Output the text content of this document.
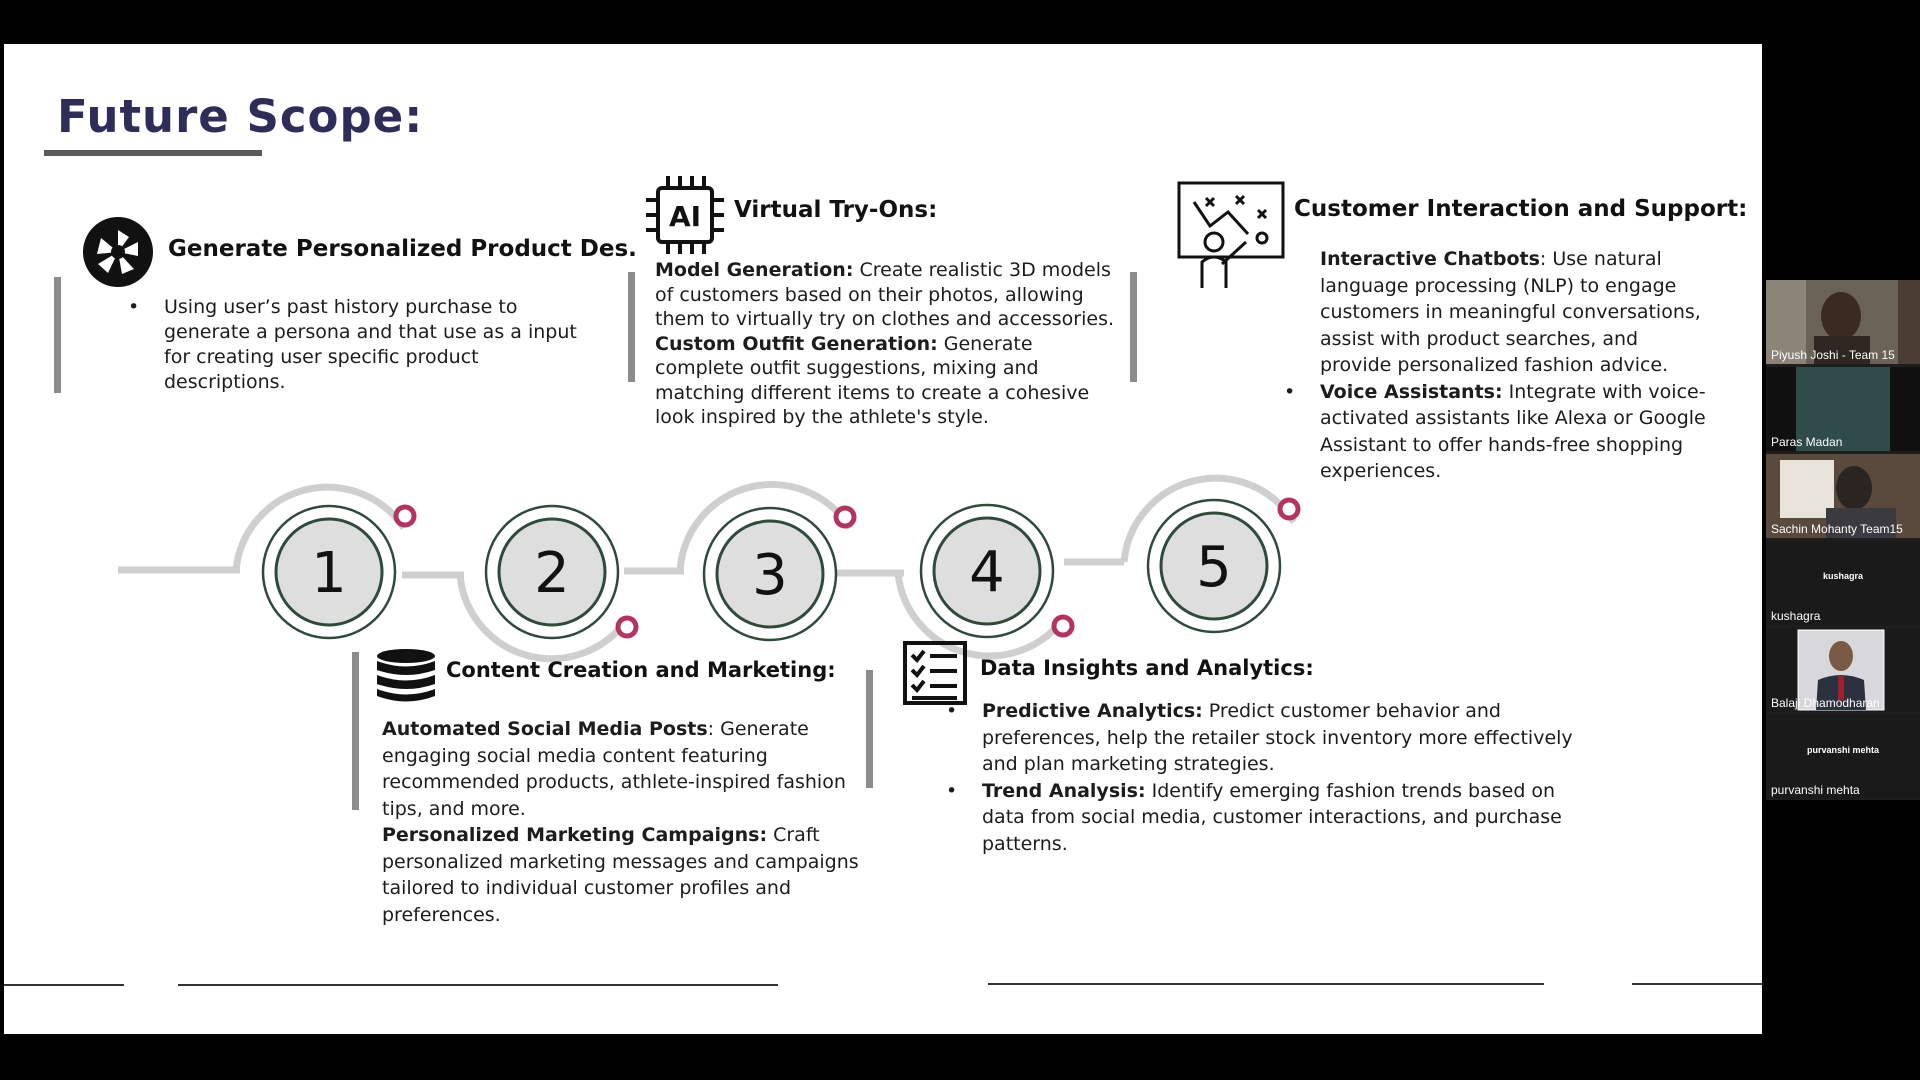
Future Scope:
Generate Personalized Product Des.
• Using user’s past history purchase to generate a persona and that use as a input for creating user specific product descriptions.
AI Virtual Try-Ons:
Model Generation: Create realistic 3D models of customers based on their photos, allowing them to virtually try on clothes and accessories.
Custom Outfit Generation: Generate complete outfit suggestions, mixing and matching different items to create a cohesive look inspired by the athlete's style.
Customer Interaction and Support:
Interactive Chatbots: Use natural language processing (NLP) to engage customers in meaningful conversations, assist with product searches, and provide personalized fashion advice.
• Voice Assistants: Integrate with voice-activated assistants like Alexa or Google Assistant to offer hands-free shopping experiences.
1	2	3	4	5
Content Creation and Marketing:
Automated Social Media Posts: Generate engaging social media content featuring recommended products, athlete-inspired fashion tips, and more.
Personalized Marketing Campaigns: Craft personalized marketing messages and campaigns tailored to individual customer profiles and preferences.
Data Insights and Analytics:
• Predictive Analytics: Predict customer behavior and preferences, help the retailer stock inventory more effectively and plan marketing strategies.
• Trend Analysis: Identify emerging fashion trends based on data from social media, customer interactions, and purchase patterns.
Piyush Joshi - Team 15
Paras Madan
Sachin Mohanty Team15
kushagra
kushagra
Balaji Dhamodharan
purvanshi mehta
purvanshi mehta
